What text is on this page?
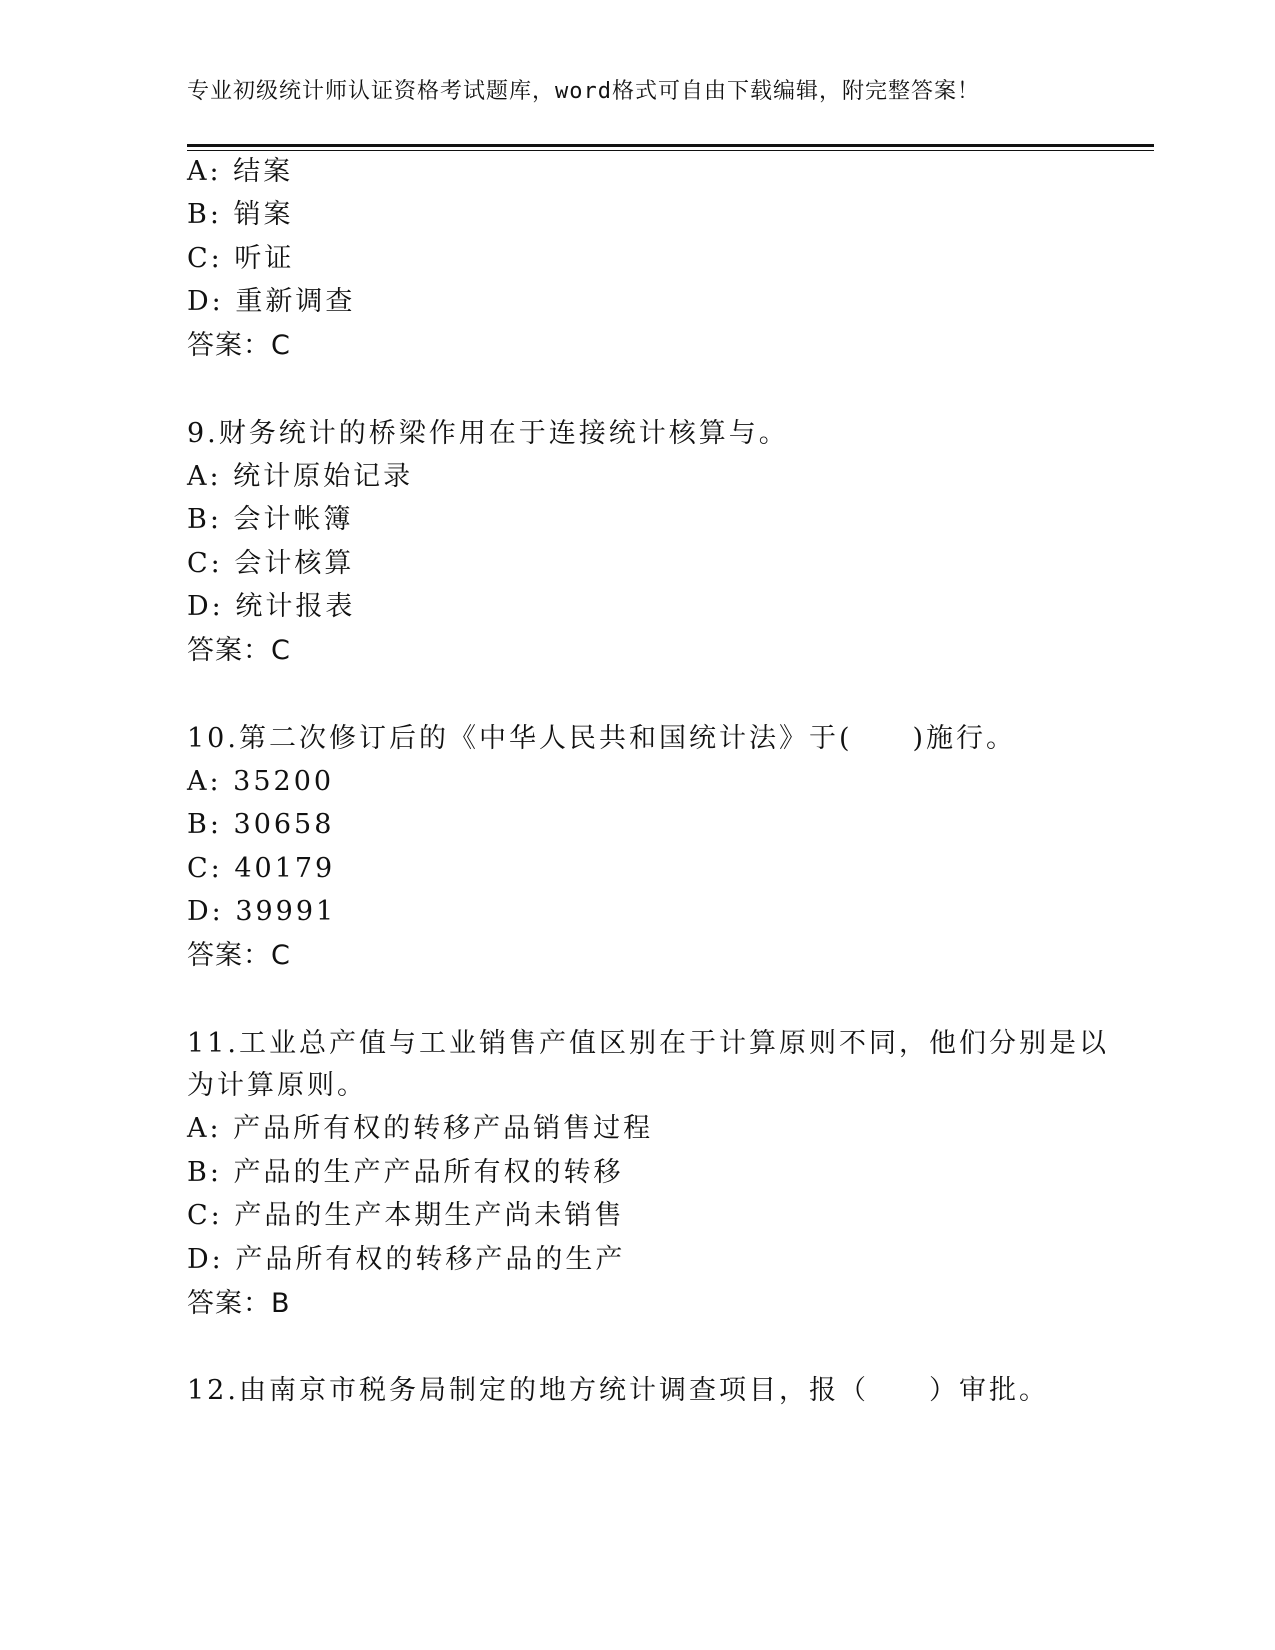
专业初级统计师认证资格考试题库，word格式可自由下载编辑，附完整答案！
A: 结案
B: 销案
C: 听证
D: 重新调查
答案：C
9.财务统计的桥梁作用在于连接统计核算与。
A: 统计原始记录
B: 会计帐簿
C: 会计核算
D: 统计报表
答案：C
10.第二次修订后的《中华人民共和国统计法》于(　　)施行。
A: 35200
B: 30658
C: 40179
D: 39991
答案：C
11.工业总产值与工业销售产值区别在于计算原则不同，他们分别是以
为计算原则。
A: 产品所有权的转移产品销售过程
B: 产品的生产产品所有权的转移
C: 产品的生产本期生产尚未销售
D: 产品所有权的转移产品的生产
答案：B
12.由南京市税务局制定的地方统计调查项目，报（　　）审批。
